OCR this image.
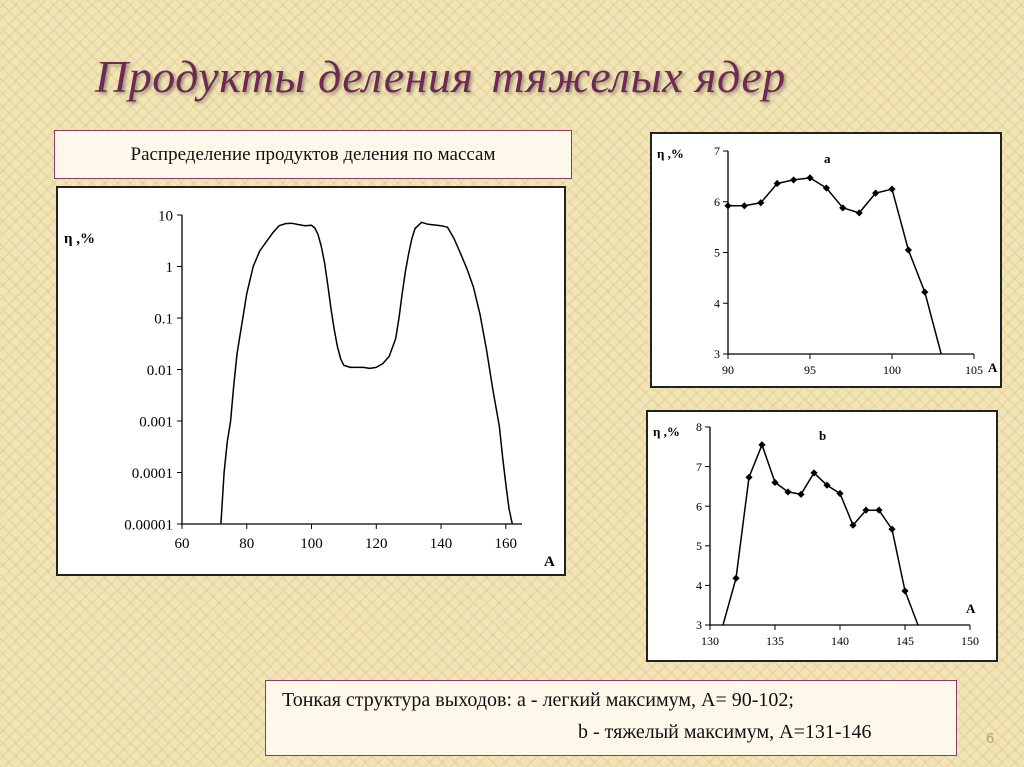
Продукты деления тяжелых ядер
Распределение продуктов деления по массам
10
1
0.1
0.01
0.001
0.0001
0.00001
60	80	100	120	140	160
η ,%
A
7
6
5
4
3
90	95	100	105
η ,%
A
a
8
7
6
5
4
3
130	135	140	145	150
η ,%
A
b
Тонкая структура выходов: а - легкий максимум, А= 90-102;
b - тяжелый максимум, А=131-146	6
